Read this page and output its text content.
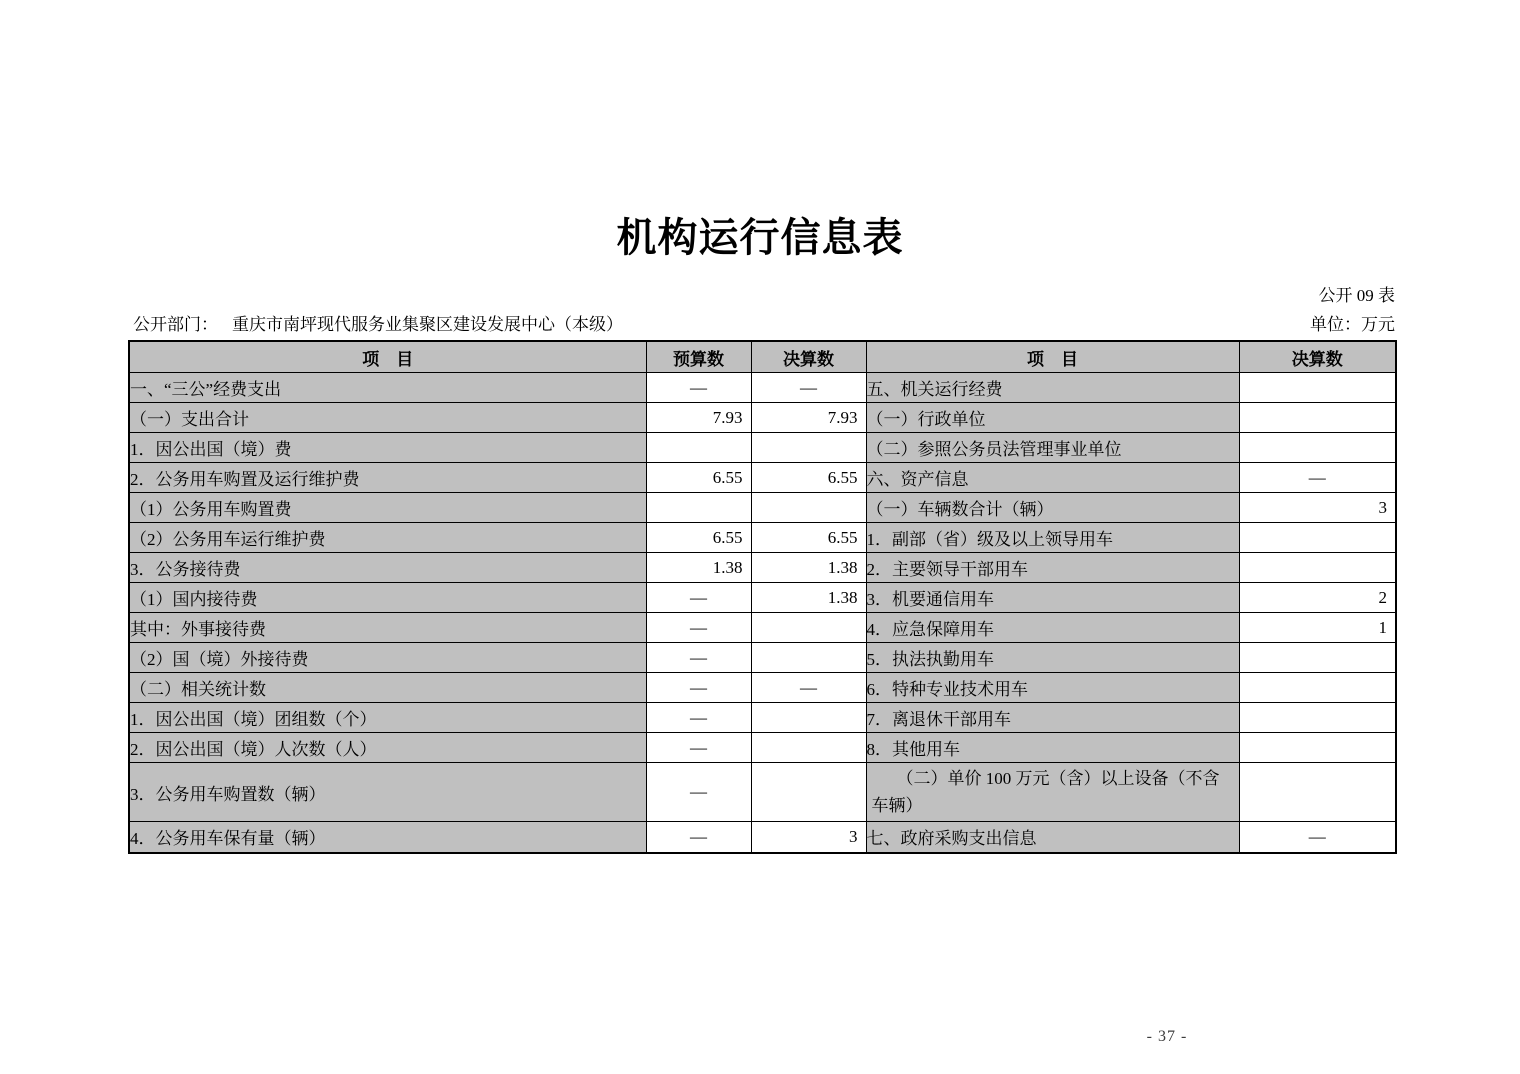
机构运行信息表
公开 09 表
公开部门： 重庆市南坪现代服务业集聚区建设发展中心（本级）	单位：万元
项　目	预算数	决算数	项　目	决算数
一、“三公”经费支出	—	—	五、机关运行经费	
（一）支出合计	7.93	7.93	（一）行政单位	
1．因公出国（境）费			（二）参照公务员法管理事业单位	
2．公务用车购置及运行维护费	6.55	6.55	六、资产信息	—
（1）公务用车购置费			（一）车辆数合计（辆）	3
（2）公务用车运行维护费	6.55	6.55	1．副部（省）级及以上领导用车	
3．公务接待费	1.38	1.38	2．主要领导干部用车	
（1）国内接待费	—	1.38	3．机要通信用车	2
其中：外事接待费	—		4．应急保障用车	1
（2）国（境）外接待费	—		5．执法执勤用车	
（二）相关统计数	—	—	6．特种专业技术用车	
1．因公出国（境）团组数（个）	—		7．离退休干部用车	
2．因公出国（境）人次数（人）	—		8．其他用车	
3．公务用车购置数（辆）	—		（二）单价 100 万元（含）以上设备（不含车辆）	
4．公务用车保有量（辆）	—	3	七、政府采购支出信息	—
- 37 -
